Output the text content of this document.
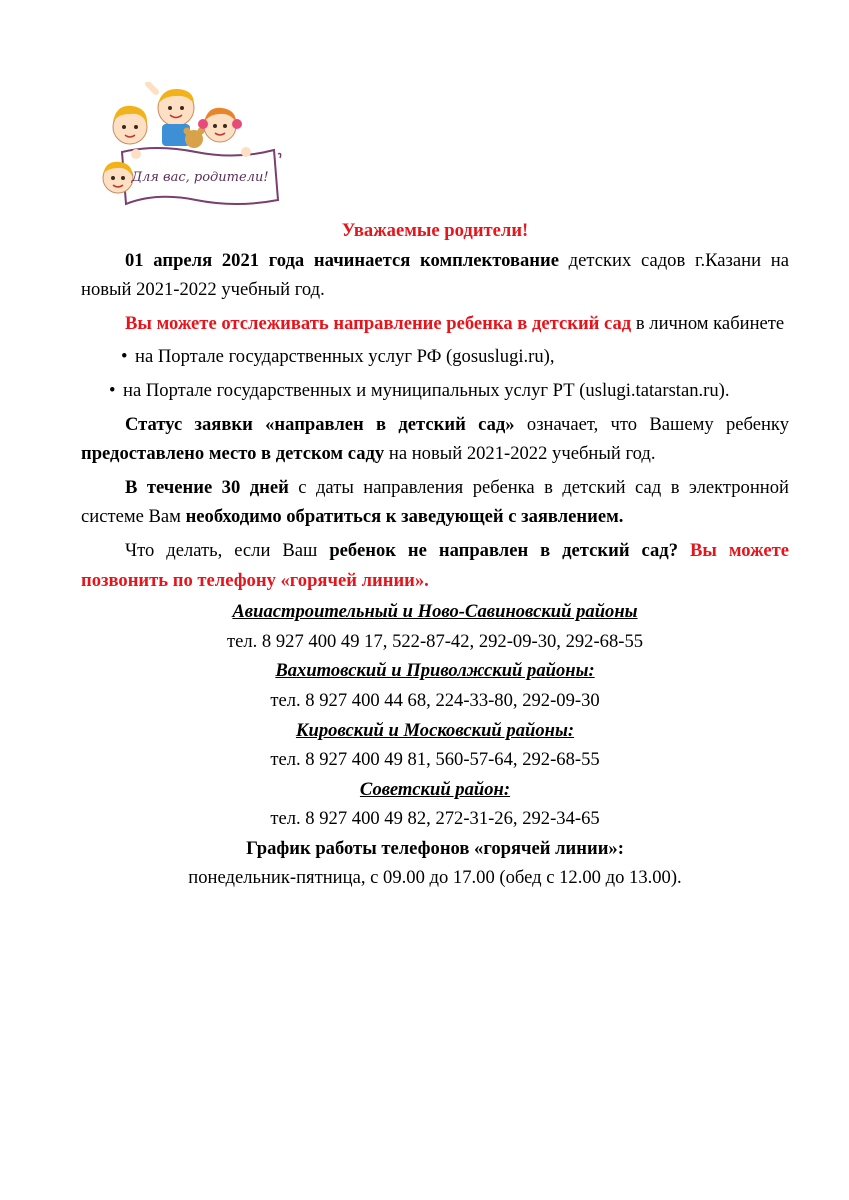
Для вас, родители!

Уважаемые родители!

01 апреля 2021 года начинается комплектование детских садов г.Казани на новый 2021-2022 учебный год.

Вы можете отслеживать направление ребенка в детский сад в личном кабинете

• на Портале государственных услуг РФ (gosuslugi.ru),

• на Портале государственных и муниципальных услуг РТ (uslugi.tatarstan.ru).

Статус заявки «направлен в детский сад» означает, что Вашему ребенку предоставлено место в детском саду на новый 2021-2022 учебный год.

В течение 30 дней с даты направления ребенка в детский сад в электронной системе Вам необходимо обратиться к заведующей с заявлением.

Что делать, если Ваш ребенок не направлен в детский сад? Вы можете позвонить по телефону «горячей линии».

Авиастроительный и Ново-Савиновский районы

тел. 8 927 400 49 17, 522-87-42, 292-09-30, 292-68-55

Вахитовский и Приволжский районы:

тел. 8 927 400 44 68, 224-33-80, 292-09-30

Кировский и Московский районы:

тел. 8 927 400 49 81, 560-57-64, 292-68-55

Советский район:

тел. 8 927 400 49 82, 272-31-26, 292-34-65

График работы телефонов «горячей линии»:

понедельник-пятница, с 09.00 до 17.00 (обед с 12.00 до 13.00).
